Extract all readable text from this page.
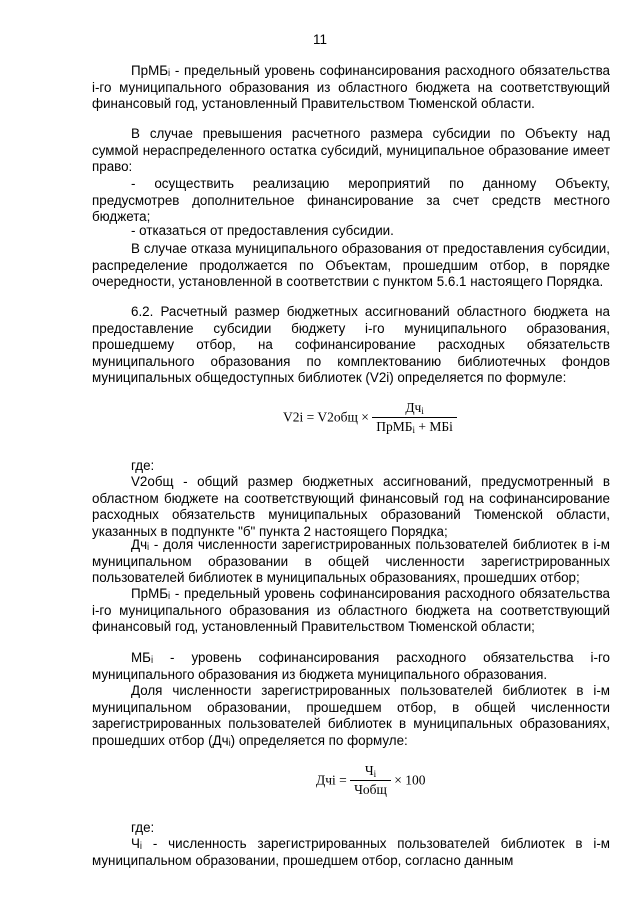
11

ПрМБᵢ - предельный уровень софинансирования расходного обязательства i-го муниципального образования из областного бюджета на соответствующий финансовый год, установленный Правительством Тюменской области.

В случае превышения расчетного размера субсидии по Объекту над суммой нераспределенного остатка субсидий, муниципальное образование имеет право:

- осуществить реализацию мероприятий по данному Объекту, предусмотрев дополнительное финансирование за счет средств местного бюджета;

- отказаться от предоставления субсидии.

В случае отказа муниципального образования от предоставления субсидии, распределение продолжается по Объектам, прошедшим отбор, в порядке очередности, установленной в соответствии с пунктом 5.6.1 настоящего Порядка.

6.2. Расчетный размер бюджетных ассигнований областного бюджета на предоставление субсидии бюджету i-го муниципального образования, прошедшему отбор, на софинансирование расходных обязательств муниципального образования по комплектованию библиотечных фондов муниципальных общедоступных библиотек (V2i) определяется по формуле:

$V2i = V2общ \times \frac{Дч_i}{ПрМБ_i + МБi}$

где:

V2общ - общий размер бюджетных ассигнований, предусмотренный в областном бюджете на соответствующий финансовый год на софинансирование расходных обязательств муниципальных образований Тюменской области, указанных в подпункте "б" пункта 2 настоящего Порядка;

Дчᵢ - доля численности зарегистрированных пользователей библиотек в i-м муниципальном образовании в общей численности зарегистрированных пользователей библиотек в муниципальных образованиях, прошедших отбор;

ПрМБᵢ - предельный уровень софинансирования расходного обязательства i-го муниципального образования из областного бюджета на соответствующий финансовый год, установленный Правительством Тюменской области;

МБᵢ - уровень софинансирования расходного обязательства i-го муниципального образования из бюджета муниципального образования.

Доля численности зарегистрированных пользователей библиотек в i-м муниципальном образовании, прошедшем отбор, в общей численности зарегистрированных пользователей библиотек в муниципальных образованиях, прошедших отбор (Дчᵢ) определяется по формуле:

Дчi = $\frac{Ч_i}{\text{Чобщ}} \times 100$

где:

Чᵢ - численность зарегистрированных пользователей библиотек в i-м муниципальном образовании, прошедшем отбор, согласно данным
